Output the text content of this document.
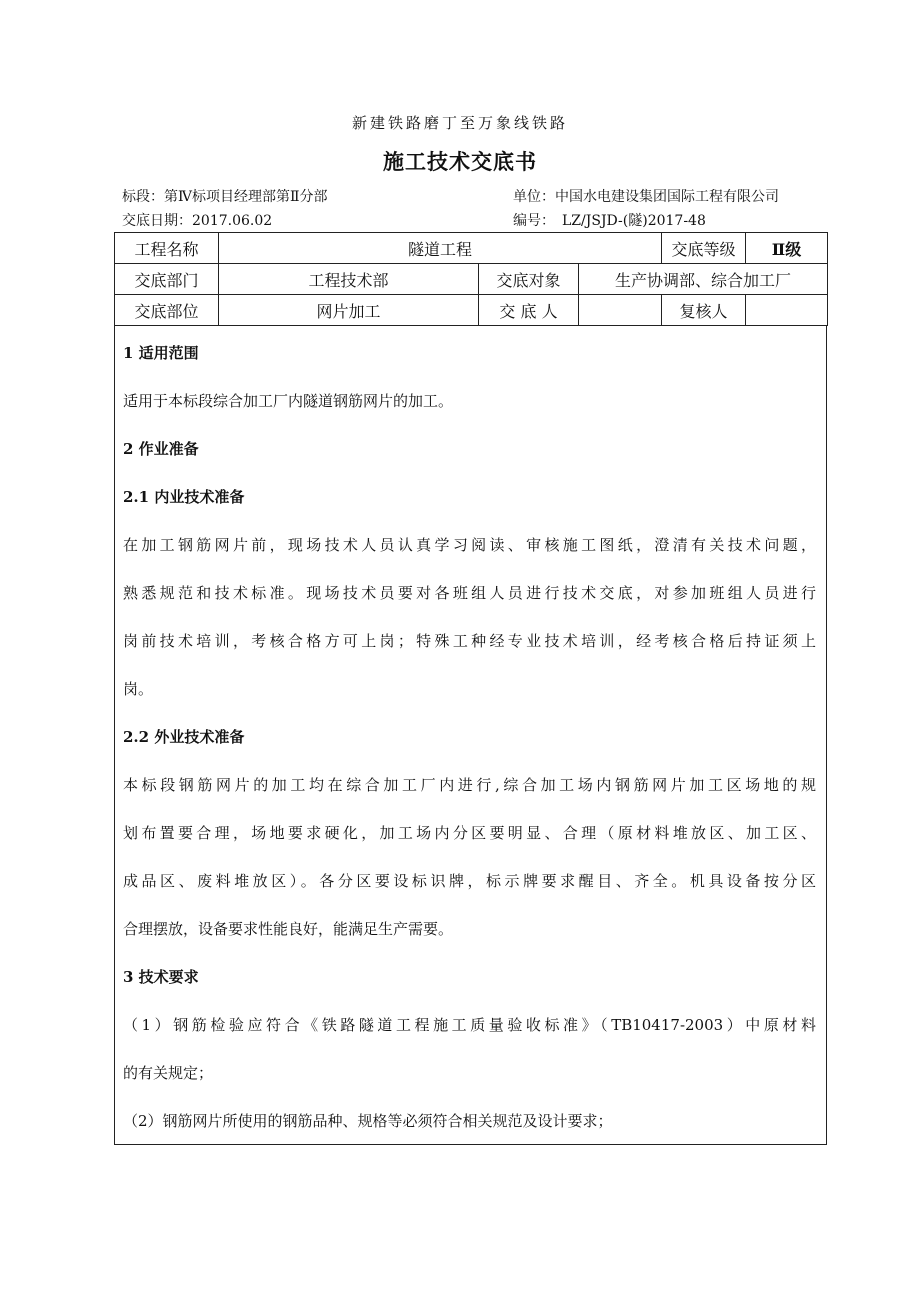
新建铁路磨丁至万象线铁路
施工技术交底书
标段：第Ⅳ标项目经理部第Ⅱ分部	单位：中国水电建设集团国际工程有限公司
交底日期：2017.06.02	编号：　LZ/JSJD-(隧)2017-48
工程名称	隧道工程			交底等级	Ⅱ级
交底部门	工程技术部	交底对象	生产协调部、综合加工厂		
交底部位	网片加工	交 底 人		复核人	

1 适用范围

适用于本标段综合加工厂内隧道钢筋网片的加工。

2 作业准备

2.1 内业技术准备

在加工钢筋网片前，现场技术人员认真学习阅读、审核施工图纸，澄清有关技术问题，

熟悉规范和技术标准。现场技术员要对各班组人员进行技术交底，对参加班组人员进行

岗前技术培训，考核合格方可上岗；特殊工种经专业技术培训，经考核合格后持证须上

岗。

2.2 外业技术准备

本标段钢筋网片的加工均在综合加工厂内进行,综合加工场内钢筋网片加工区场地的规

划布置要合理，场地要求硬化，加工场内分区要明显、合理（原材料堆放区、加工区、

成品区、废料堆放区）。各分区要设标识牌，标示牌要求醒目、齐全。机具设备按分区

合理摆放，设备要求性能良好，能满足生产需要。

3 技术要求

（1）钢筋检验应符合《铁路隧道工程施工质量验收标准》（TB10417-2003）中原材料

的有关规定；

（2）钢筋网片所使用的钢筋品种、规格等必须符合相关规范及设计要求；
